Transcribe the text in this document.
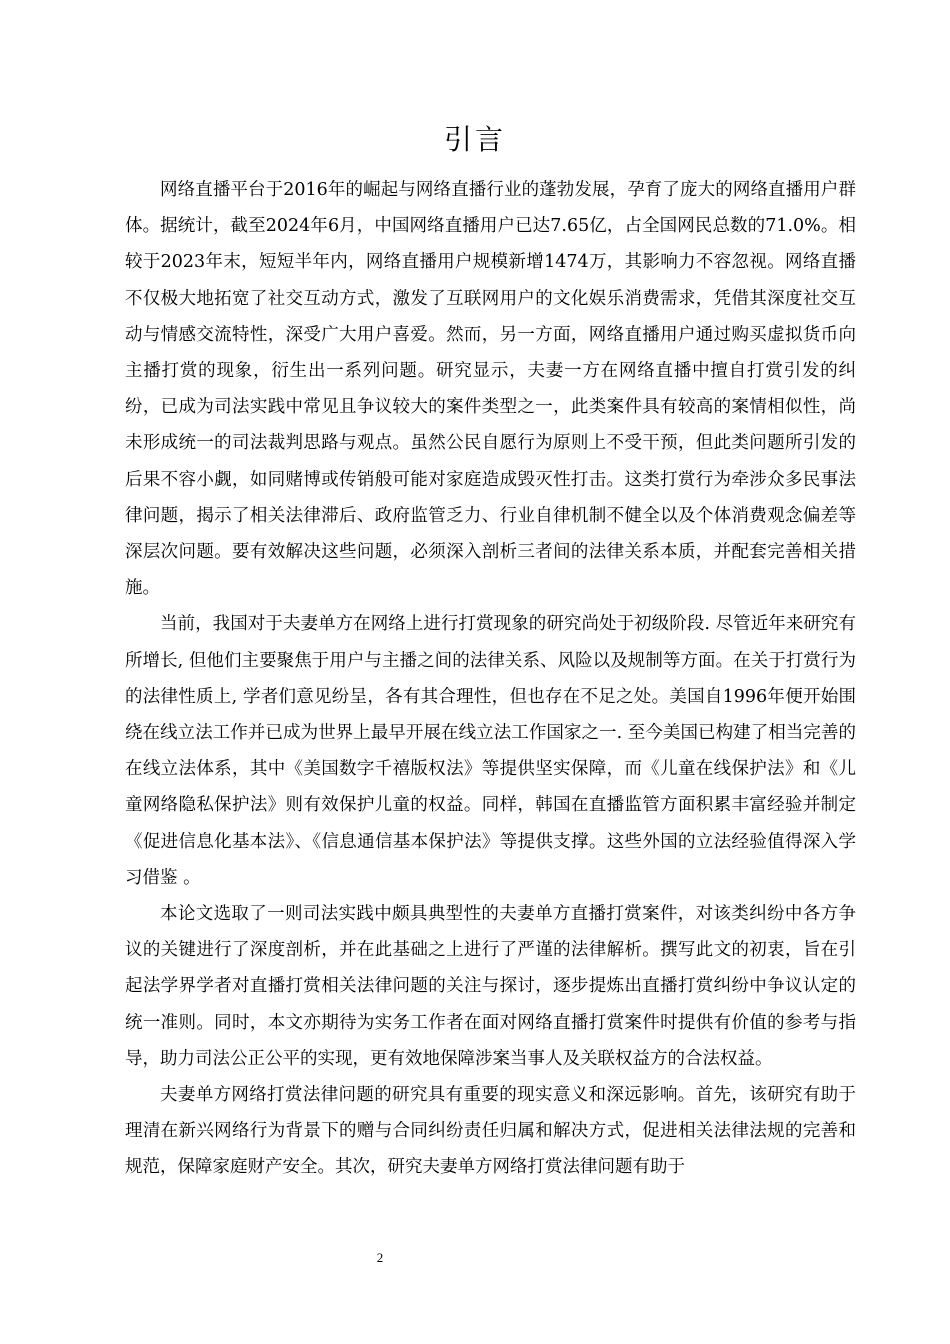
引言

网络直播平台于2016年的崛起与网络直播行业的蓬勃发展，孕育了庞大的网络直播用户群体。据统计，截至2024年6月，中国网络直播用户已达7.65亿，占全国网民总数的71.0%。相较于2023年末，短短半年内，网络直播用户规模新增1474万，其影响力不容忽视。网络直播不仅极大地拓宽了社交互动方式，激发了互联网用户的文化娱乐消费需求，凭借其深度社交互动与情感交流特性，深受广大用户喜爱。然而，另一方面，网络直播用户通过购买虚拟货币向主播打赏的现象，衍生出一系列问题。研究显示，夫妻一方在网络直播中擅自打赏引发的纠纷，已成为司法实践中常见且争议较大的案件类型之一，此类案件具有较高的案情相似性，尚未形成统一的司法裁判思路与观点。虽然公民自愿行为原则上不受干预，但此类问题所引发的后果不容小觑，如同赌博或传销般可能对家庭造成毁灭性打击。这类打赏行为牵涉众多民事法律问题，揭示了相关法律滞后、政府监管乏力、行业自律机制不健全以及个体消费观念偏差等深层次问题。要有效解决这些问题，必须深入剖析三者间的法律关系本质，并配套完善相关措施。

当前，我国对于夫妻单方在网络上进行打赏现象的研究尚处于初级阶段. 尽管近年来研究有所增长, 但他们主要聚焦于用户与主播之间的法律关系、风险以及规制等方面。在关于打赏行为的法律性质上, 学者们意见纷呈，各有其合理性，但也存在不足之处。美国自1996年便开始围绕在线立法工作并已成为世界上最早开展在线立法工作国家之一. 至今美国已构建了相当完善的在线立法体系，其中《美国数字千禧版权法》等提供坚实保障，而《儿童在线保护法》和《儿童网络隐私保护法》则有效保护儿童的权益。同样，韩国在直播监管方面积累丰富经验并制定《促进信息化基本法》、《信息通信基本保护法》等提供支撑。这些外国的立法经验值得深入学习借鉴 。

本论文选取了一则司法实践中颇具典型性的夫妻单方直播打赏案件，对该类纠纷中各方争议的关键进行了深度剖析，并在此基础之上进行了严谨的法律解析。撰写此文的初衷，旨在引起法学界学者对直播打赏相关法律问题的关注与探讨，逐步提炼出直播打赏纠纷中争议认定的统一准则。同时，本文亦期待为实务工作者在面对网络直播打赏案件时提供有价值的参考与指导，助力司法公正公平的实现，更有效地保障涉案当事人及关联权益方的合法权益。

夫妻单方网络打赏法律问题的研究具有重要的现实意义和深远影响。首先，该研究有助于理清在新兴网络行为背景下的赠与合同纠纷责任归属和解决方式，促进相关法律法规的完善和规范，保障家庭财产安全。其次，研究夫妻单方网络打赏法律问题有助于

2
